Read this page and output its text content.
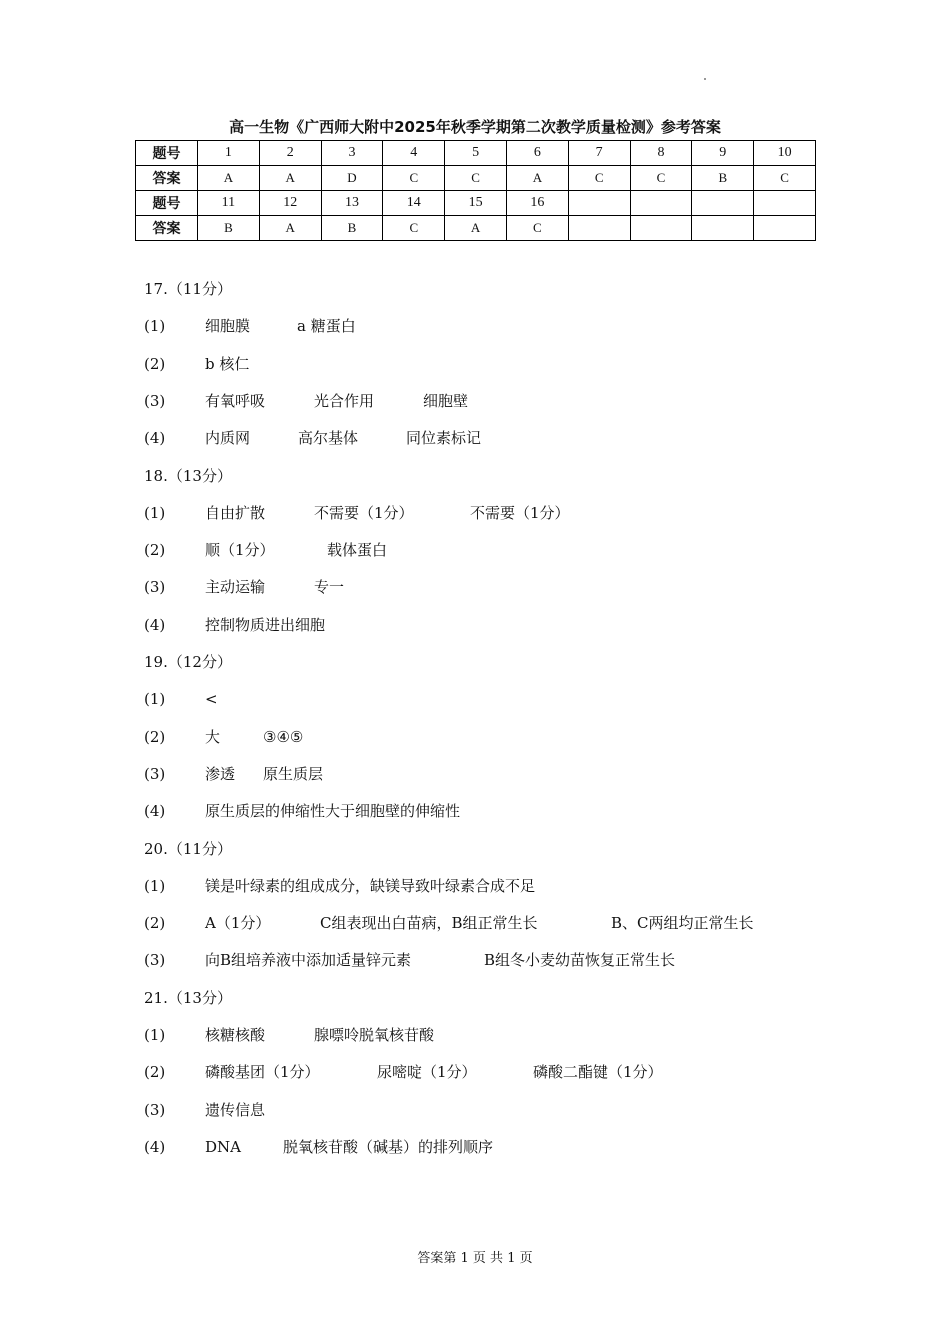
高一生物《广西师大附中2025年秋季学期第二次教学质量检测》参考答案
题号	1	2	3	4	5	6	7	8	9	10
答案	A	A	D	C	C	A	C	C	B	C
题号	11	12	13	14	15	16				
答案	B	A	B	C	A	C				
17.（11分）
(1)	细胞膜	a 糖蛋白
(2)	b 核仁
(3)	有氧呼吸	光合作用	细胞壁
(4)	内质网	高尔基体	同位素标记
18.（13分）
(1)	自由扩散	不需要（1分）	不需要（1分）
(2)	顺（1分）	载体蛋白
(3)	主动运输	专一
(4)	控制物质进出细胞
19.（12分）
(1)	<
(2)	大	③④⑤
(3)	渗透 原生质层
(4)	原生质层的伸缩性大于细胞壁的伸缩性
20.（11分）
(1)	镁是叶绿素的组成成分，缺镁导致叶绿素合成不足
(2)	A（1分）	C组表现出白苗病，B组正常生长	B、C两组均正常生长
(3)	向B组培养液中添加适量锌元素	B组冬小麦幼苗恢复正常生长
21.（13分）
(1)	核糖核酸	腺嘌呤脱氧核苷酸
(2)	磷酸基团（1分）	尿嘧啶（1分）	磷酸二酯键（1分）
(3)	遗传信息
(4)	DNA	脱氧核苷酸（碱基）的排列顺序
答案第 1 页 共 1 页
